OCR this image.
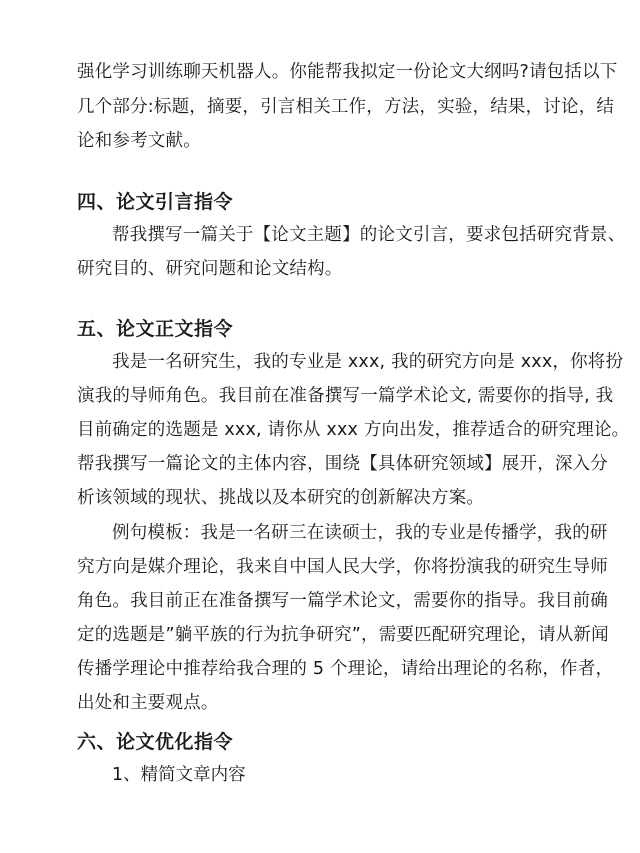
强化学习训练聊天机器人。你能帮我拟定一份论文大纲吗?请包括以下
几个部分:标题，摘要，引言相关工作，方法，实验，结果，讨论，结
论和参考文献。
四、论文引言指令
帮我撰写一篇关于【论文主题】的论文引言，要求包括研究背景、
研究目的、研究问题和论文结构。
五、论文正文指令
我是一名研究生，我的专业是 xxx, 我的研究方向是 xxx，你将扮
演我的导师角色。我目前在准备撰写一篇学术论文, 需要你的指导, 我
目前确定的选题是 xxx, 请你从 xxx 方向出发，推荐适合的研究理论。
帮我撰写一篇论文的主体内容，围绕【具体研究领域】展开，深入分
析该领域的现状、挑战以及本研究的创新解决方案。
例句模板：我是一名研三在读硕士，我的专业是传播学，我的研
究方向是媒介理论，我来自中国人民大学，你将扮演我的研究生导师
角色。我目前正在准备撰写一篇学术论文，需要你的指导。我目前确
定的选题是”躺平族的行为抗争研究”，需要匹配研究理论，请从新闻
传播学理论中推荐给我合理的 5 个理论，请给出理论的名称，作者，
出处和主要观点。
六、论文优化指令
1、精简文章内容
